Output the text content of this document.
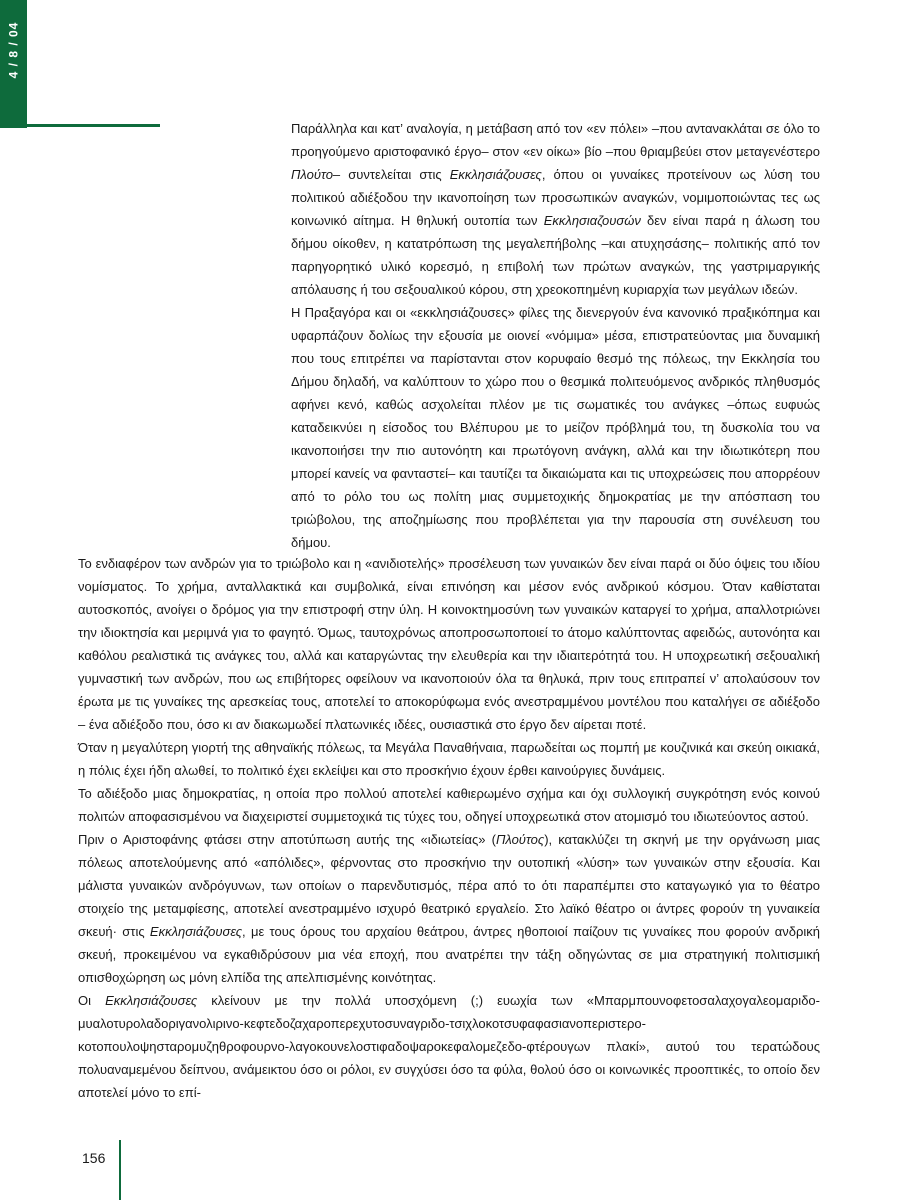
4 / 8 / 04

Παράλληλα και κατ’ αναλογία, η μετάβαση από τον «εν πόλει» –που αντανακλάται σε όλο το προηγούμενο αριστοφανικό έργο– στον «εν οίκω» βίο –που θριαμβεύει στον μεταγενέστερο Πλούτο– συντελείται στις Εκκλησιάζουσες, όπου οι γυναίκες προτείνουν ως λύση του πολιτικού αδιέξοδου την ικανοποίηση των προσωπικών αναγκών, νομιμοποιώντας τες ως κοινωνικό αίτημα. Η θηλυκή ουτοπία των Εκκλησιαζουσών δεν είναι παρά η άλωση του δήμου οίκοθεν, η κατατρόπωση της μεγαλεπήβολης –και ατυχησάσης– πολιτικής από τον παρηγορητικό υλικό κορεσμό, η επιβολή των πρώτων αναγκών, της γαστριμαργικής απόλαυσης ή του σεξουαλικού κόρου, στη χρεοκοπημένη κυριαρχία των μεγάλων ιδεών.

Η Πραξαγόρα και οι «εκκλησιάζουσες» φίλες της διενεργούν ένα κανονικό πραξικόπημα και υφαρπάζουν δολίως την εξουσία με οιονεί «νόμιμα» μέσα, επιστρατεύοντας μια δυναμική που τους επιτρέπει να παρίστανται στον κορυφαίο θεσμό της πόλεως, την Εκκλησία του Δήμου δηλαδή, να καλύπτουν το χώρο που ο θεσμικά πολιτευόμενος ανδρικός πληθυσμός αφήνει κενό, καθώς ασχολείται πλέον με τις σωματικές του ανάγκες –όπως ευφυώς καταδεικνύει η είσοδος του Βλέπυρου με το μείζον πρόβλημά του, τη δυσκολία του να ικανοποιήσει την πιο αυτονόητη και πρωτόγονη ανάγκη, αλλά και την ιδιωτικότερη που μπορεί κανείς να φανταστεί– και ταυτίζει τα δικαιώματα και τις υποχρεώσεις που απορρέουν από το ρόλο του ως πολίτη μιας συμμετοχικής δημοκρατίας με την απόσπαση του τριώβολου, της αποζημίωσης που προβλέπεται για την παρουσία στη συνέλευση του δήμου.

Το ενδιαφέρον των ανδρών για το τριώβολο και η «ανιδιοτελής» προσέλευση των γυναικών δεν είναι παρά οι δύο όψεις του ιδίου νομίσματος. Το χρήμα, ανταλλακτικά και συμβολικά, είναι επινόηση και μέσον ενός ανδρικού κόσμου. Όταν καθίσταται αυτοσκοπός, ανοίγει ο δρόμος για την επιστροφή στην ύλη. Η κοινοκτημοσύνη των γυναικών καταργεί το χρήμα, απαλλοτριώνει την ιδιοκτησία και μεριμνά για το φαγητό. Όμως, ταυτοχρόνως αποπροσωποποιεί το άτομο καλύπτοντας αφειδώς, αυτονόητα και καθόλου ρεαλιστικά τις ανάγκες του, αλλά και καταργώντας την ελευθερία και την ιδιαιτερότητά του. Η υποχρεωτική σεξουαλική γυμναστική των ανδρών, που ως επιβήτορες οφείλουν να ικανοποιούν όλα τα θηλυκά, πριν τους επιτραπεί ν’ απολαύσουν τον έρωτα με τις γυναίκες της αρεσκείας τους, αποτελεί το αποκορύφωμα ενός ανεστραμμένου μοντέλου που καταλήγει σε αδιέξοδο – ένα αδιέξοδο που, όσο κι αν διακωμωδεί πλατωνικές ιδέες, ουσιαστικά στο έργο δεν αίρεται ποτέ.

Όταν η μεγαλύτερη γιορτή της αθηναϊκής πόλεως, τα Μεγάλα Παναθήναια, παρωδείται ως πομπή με κουζινικά και σκεύη οικιακά, η πόλις έχει ήδη αλωθεί, το πολιτικό έχει εκλείψει και στο προσκήνιο έχουν έρθει καινούργιες δυνάμεις.

Το αδιέξοδο μιας δημοκρατίας, η οποία προ πολλού αποτελεί καθιερωμένο σχήμα και όχι συλλογική συγκρότηση ενός κοινού πολιτών αποφασισμένου να διαχειριστεί συμμετοχικά τις τύχες του, οδηγεί υποχρεωτικά στον ατομισμό του ιδιωτεύοντος αστού.

Πριν ο Αριστοφάνης φτάσει στην αποτύπωση αυτής της «ιδιωτείας» (Πλούτος), κατακλύζει τη σκηνή με την οργάνωση μιας πόλεως αποτελούμενης από «απόλιδες», φέρνοντας στο προσκήνιο την ουτοπική «λύση» των γυναικών στην εξουσία. Και μάλιστα γυναικών ανδρόγυνων, των οποίων ο παρενδυτισμός, πέρα από το ότι παραπέμπει στο καταγωγικό για το θέατρο στοιχείο της μεταμφίεσης, αποτελεί ανεστραμμένο ισχυρό θεατρικό εργαλείο. Στο λαϊκό θέατρο οι άντρες φορούν τη γυναικεία σκευή· στις Εκκλησιάζουσες, με τους όρους του αρχαίου θεάτρου, άντρες ηθοποιοί παίζουν τις γυναίκες που φορούν ανδρική σκευή, προκειμένου να εγκαθιδρύσουν μια νέα εποχή, που ανατρέπει την τάξη οδηγώντας σε μια στρατηγική πολιτισμική οπισθοχώρηση ως μόνη ελπίδα της απελπισμένης κοινότητας.

Οι Εκκλησιάζουσες κλείνουν με την πολλά υποσχόμενη (;) ευωχία των «Μπαρμπουνοφετοσαλαχογαλεομαριδο-μυαλοτυρολαδοριγανολιρινο-κεφτεδοζαχαροπερεχυτοσυναγριδο-τσιχλοκοτσυφαφασιανοπεριστερο-κοτοπουλοψησταρομυζηθροφουρνο-λαγοκουνελοστιφαδοψαροκεφαλομεζεδο-φτέρουγων πλακί», αυτού του τερατώδους πολυαναμεμένου δείπνου, ανάμεικτου όσο οι ρόλοι, εν συγχύσει όσο τα φύλα, θολού όσο οι κοινωνικές προοπτικές, το οποίο δεν αποτελεί μόνο το επί-

156
